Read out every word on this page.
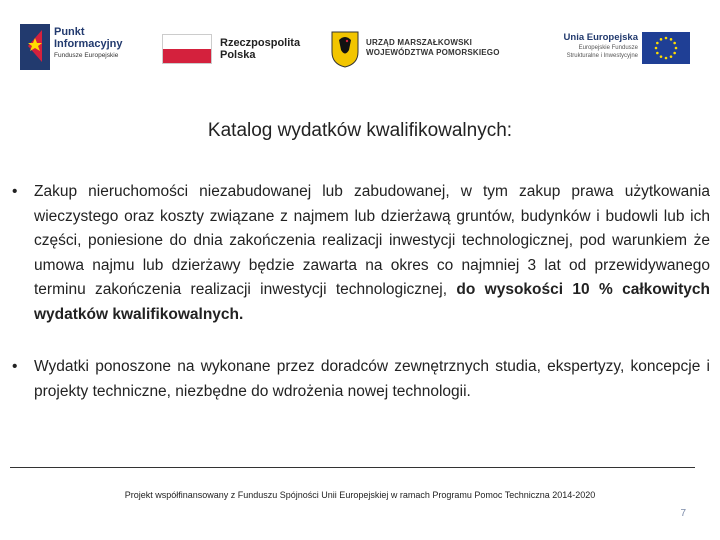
Punkt
Informacyjny
Fundusze Europejskie
Rzeczpospolita
Polska
URZĄD MARSZAŁKOWSKI
WOJEWÓDZTWA POMORSKIEGO
Unia Europejska
Europejskie Fundusze
Strukturalne i Inwestycyjne
Katalog wydatków kwalifikowalnych:
• Zakup nieruchomości niezabudowanej lub zabudowanej, w tym zakup prawa użytkowania wieczystego oraz koszty związane z najmem lub dzierżawą gruntów, budynków i budowli lub ich części, poniesione do dnia zakończenia realizacji inwestycji technologicznej, pod warunkiem że umowa najmu lub dzierżawy będzie zawarta na okres co najmniej 3 lat od przewidywanego terminu zakończenia realizacji inwestycji technologicznej, do wysokości 10 % całkowitych wydatków kwalifikowalnych.
• Wydatki ponoszone na wykonane przez doradców zewnętrznych studia, ekspertyzy, koncepcje i projekty techniczne, niezbędne do wdrożenia nowej technologii.
Projekt współfinansowany z Funduszu Spójności Unii Europejskiej w ramach Programu Pomoc Techniczna 2014-2020
7
